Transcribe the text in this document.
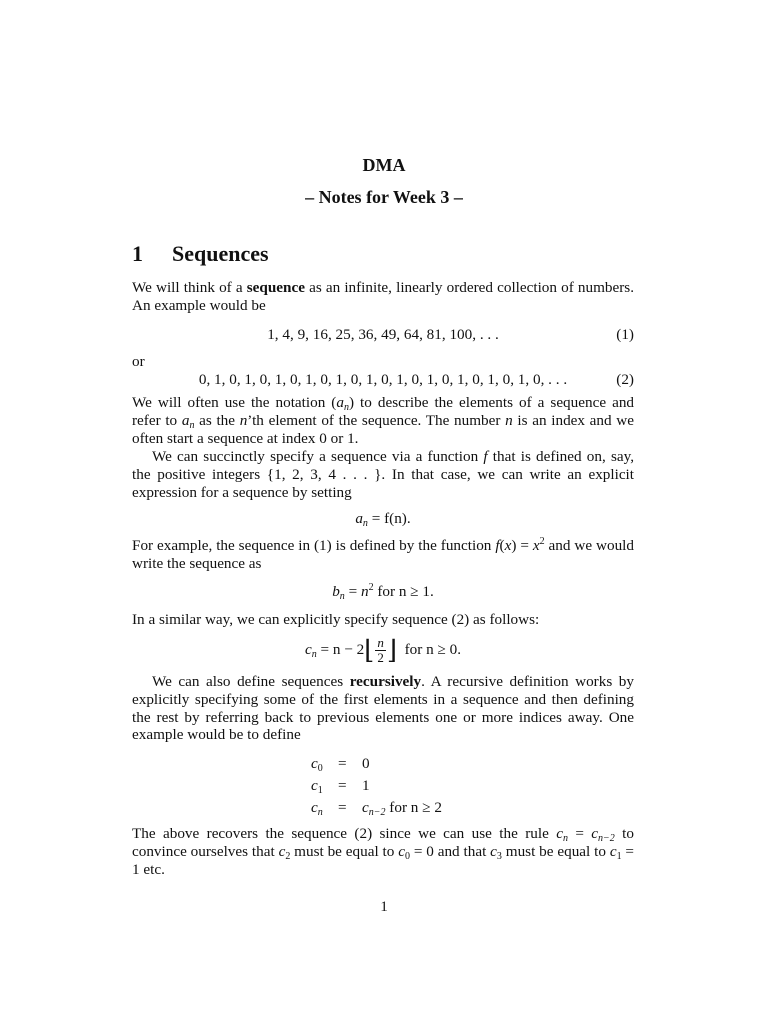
DMA
– Notes for Week 3 –
1 Sequences

We will think of a sequence as an infinite, linearly ordered collection of numbers. An example would be

1, 4, 9, 16, 25, 36, 49, 64, 81, 100, . . .	(1)
or
0, 1, 0, 1, 0, 1, 0, 1, 0, 1, 0, 1, 0, 1, 0, 1, 0, 1, 0, 1, 0, 1, 0, . . .	(2)

We will often use the notation $(a_n)$ to describe the elements of a sequence and refer to $a_n$ as the n’th element of the sequence. The number n is an index and we often start a sequence at index 0 or 1.

We can succinctly specify a sequence via a function f that is defined on, say, the positive integers {1, 2, 3, 4 . . . }. In that case, we can write an explicit expression for a sequence by setting

$a_n = f(n)$.

For example, the sequence in (1) is defined by the function $f(x) = x^2$ and we would write the sequence as

$b_n = n^2$ for n ≥ 1.
In a similar way, we can explicitly specify sequence (2) as follows:
$c_n = n$ − 2⌊ $\frac{n}{2}$ ⌋ for n ≥ 0.

We can also define sequences recursively. A recursive definition works by explicitly specifying some of the first elements in a sequence and then defining the rest by referring back to previous elements one or more indices away. One example would be to define

$c_0 = 0$
$c_1 = 1$
$c_n = c_{n-2}$ for n ≥ 2

The above recovers the sequence (2) since we can use the rule $c_n = c_{n-2}$ to convince ourselves that $c_2$ must be equal to $c_0 = 0$ and that $c_3$ must be equal to $c_1 = 1$ etc.

1
